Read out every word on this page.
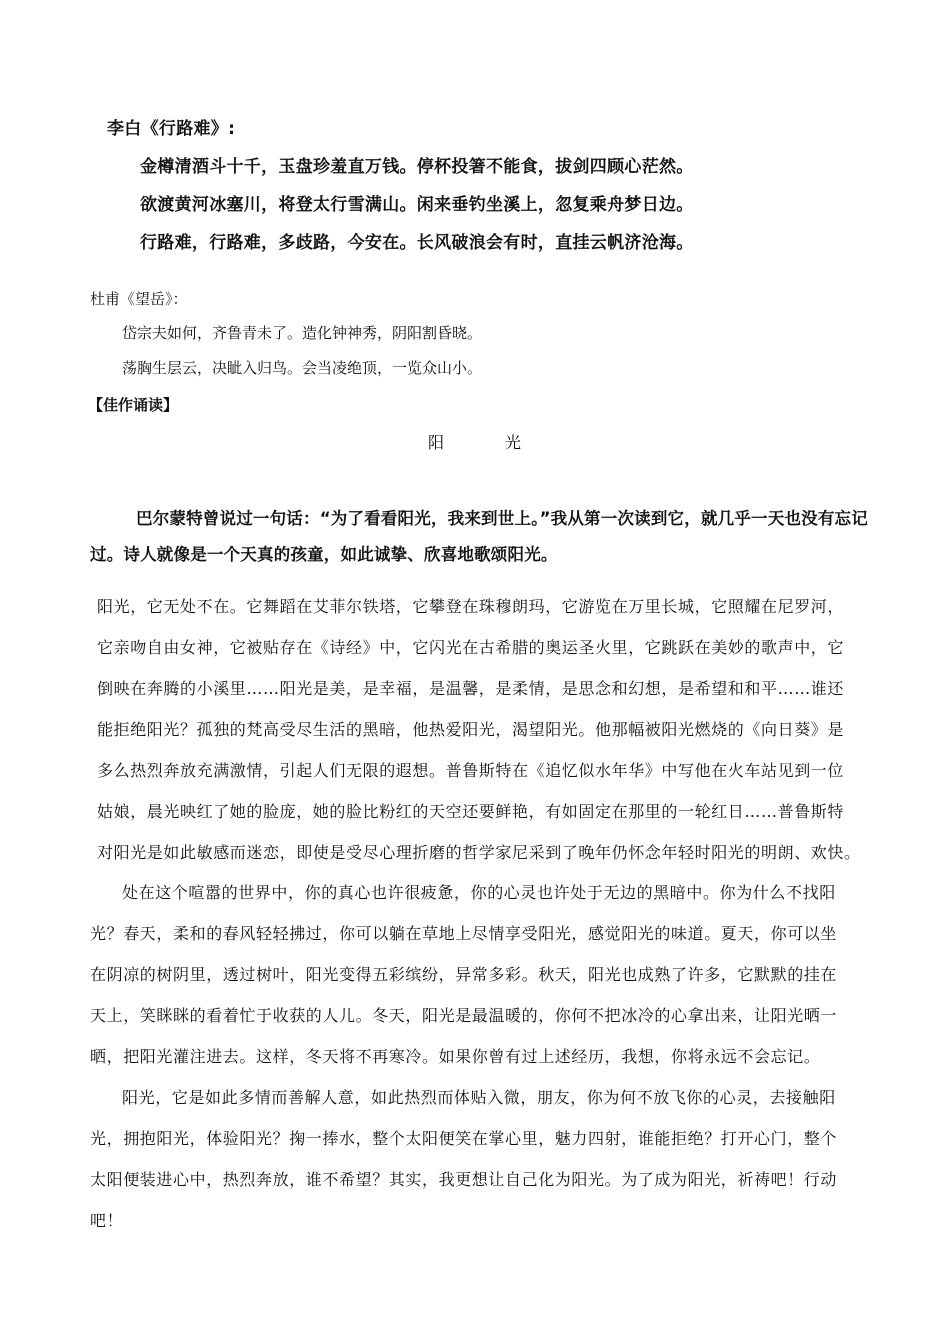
李白《行路难》:
金樽清酒斗十千，玉盘珍羞直万钱。停杯投箸不能食，拔剑四顾心茫然。
欲渡黄河冰塞川，将登太行雪满山。闲来垂钓坐溪上，忽复乘舟梦日边。
行路难，行路难，多歧路，今安在。长风破浪会有时，直挂云帆济沧海。
杜甫《望岳》：
岱宗夫如何，齐鲁青未了。造化钟神秀，阴阳割昏晓。
荡胸生层云，决眦入归鸟。会当凌绝顶，一览众山小。
【佳作诵读】
阳	光
巴尔蒙特曾说过一句话：“为了看看阳光，我来到世上。”我从第一次读到它，就几乎一天也没有忘记
过。诗人就像是一个天真的孩童，如此诚挚、欣喜地歌颂阳光。
阳光，它无处不在。它舞蹈在艾菲尔铁塔，它攀登在珠穆朗玛，它游览在万里长城，它照耀在尼罗河，
它亲吻自由女神，它被贴存在《诗经》中，它闪光在古希腊的奥运圣火里，它跳跃在美妙的歌声中，它
倒映在奔腾的小溪里……阳光是美，是幸福，是温馨，是柔情，是思念和幻想，是希望和和平……谁还
能拒绝阳光？孤独的梵高受尽生活的黑暗，他热爱阳光，渴望阳光。他那幅被阳光燃烧的《向日葵》是
多么热烈奔放充满激情，引起人们无限的遐想。普鲁斯特在《追忆似水年华》中写他在火车站见到一位
姑娘，晨光映红了她的脸庞，她的脸比粉红的天空还要鲜艳，有如固定在那里的一轮红日……普鲁斯特
对阳光是如此敏感而迷恋，即使是受尽心理折磨的哲学家尼采到了晚年仍怀念年轻时阳光的明朗、欢快。
处在这个喧嚣的世界中，你的真心也许很疲惫，你的心灵也许处于无边的黑暗中。你为什么不找阳
光？春天，柔和的春风轻轻拂过，你可以躺在草地上尽情享受阳光，感觉阳光的味道。夏天，你可以坐
在阴凉的树阴里，透过树叶，阳光变得五彩缤纷，异常多彩。秋天，阳光也成熟了许多，它默默的挂在
天上，笑眯眯的看着忙于收获的人儿。冬天，阳光是最温暖的，你何不把冰冷的心拿出来，让阳光晒一
晒，把阳光灌注进去。这样，冬天将不再寒冷。如果你曾有过上述经历，我想，你将永远不会忘记。
阳光，它是如此多情而善解人意，如此热烈而体贴入微，朋友，你为何不放飞你的心灵，去接触阳
光，拥抱阳光，体验阳光？掬一捧水，整个太阳便笑在掌心里，魅力四射，谁能拒绝？打开心门，整个
太阳便装进心中，热烈奔放，谁不希望？其实，我更想让自己化为阳光。为了成为阳光，祈祷吧！行动
吧！
